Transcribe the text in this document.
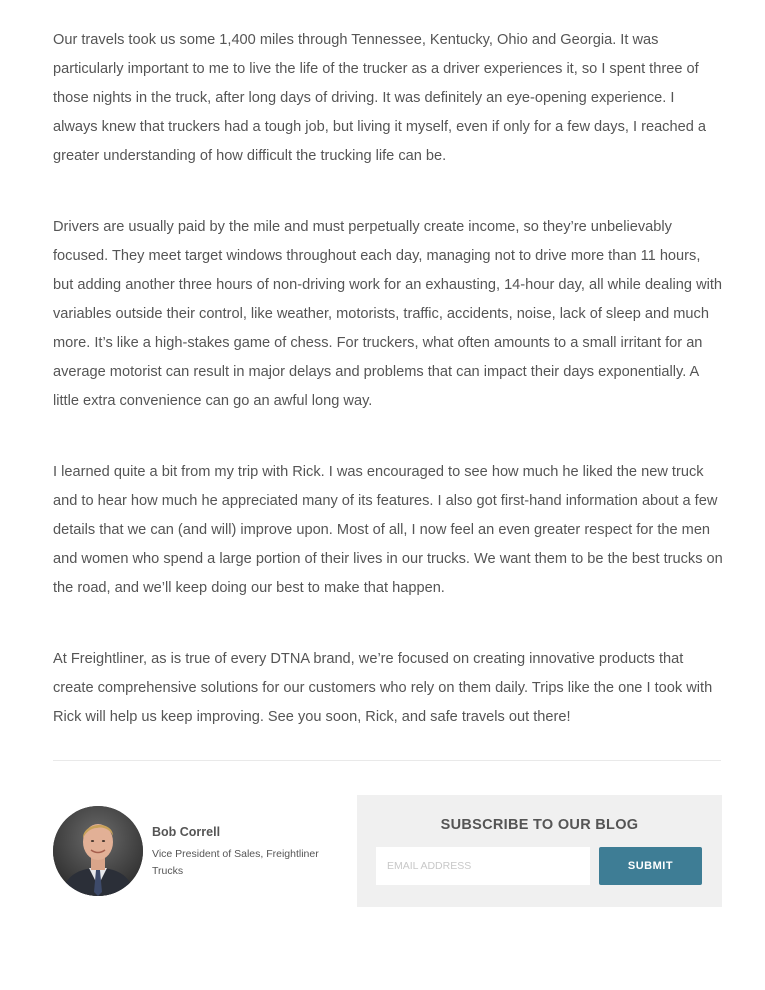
Our travels took us some 1,400 miles through Tennessee, Kentucky, Ohio and Georgia. It was particularly important to me to live the life of the trucker as a driver experiences it, so I spent three of those nights in the truck, after long days of driving. It was definitely an eye-opening experience. I always knew that truckers had a tough job, but living it myself, even if only for a few days, I reached a greater understanding of how difficult the trucking life can be.

Drivers are usually paid by the mile and must perpetually create income, so they’re unbelievably focused. They meet target windows throughout each day, managing not to drive more than 11 hours, but adding another three hours of non-driving work for an exhausting, 14-hour day, all while dealing with variables outside their control, like weather, motorists, traffic, accidents, noise, lack of sleep and much more. It’s like a high-stakes game of chess. For truckers, what often amounts to a small irritant for an average motorist can result in major delays and problems that can impact their days exponentially. A little extra convenience can go an awful long way.

I learned quite a bit from my trip with Rick. I was encouraged to see how much he liked the new truck and to hear how much he appreciated many of its features. I also got first-hand information about a few details that we can (and will) improve upon. Most of all, I now feel an even greater respect for the men and women who spend a large portion of their lives in our trucks. We want them to be the best trucks on the road, and we’ll keep doing our best to make that happen.

At Freightliner, as is true of every DTNA brand, we’re focused on creating innovative products that create comprehensive solutions for our customers who rely on them daily. Trips like the one I took with Rick will help us keep improving. See you soon, Rick, and safe travels out there!

Bob Correll
Vice President of Sales, Freightliner Trucks
SUBSCRIBE TO OUR BLOG
EMAIL ADDRESS
SUBMIT
